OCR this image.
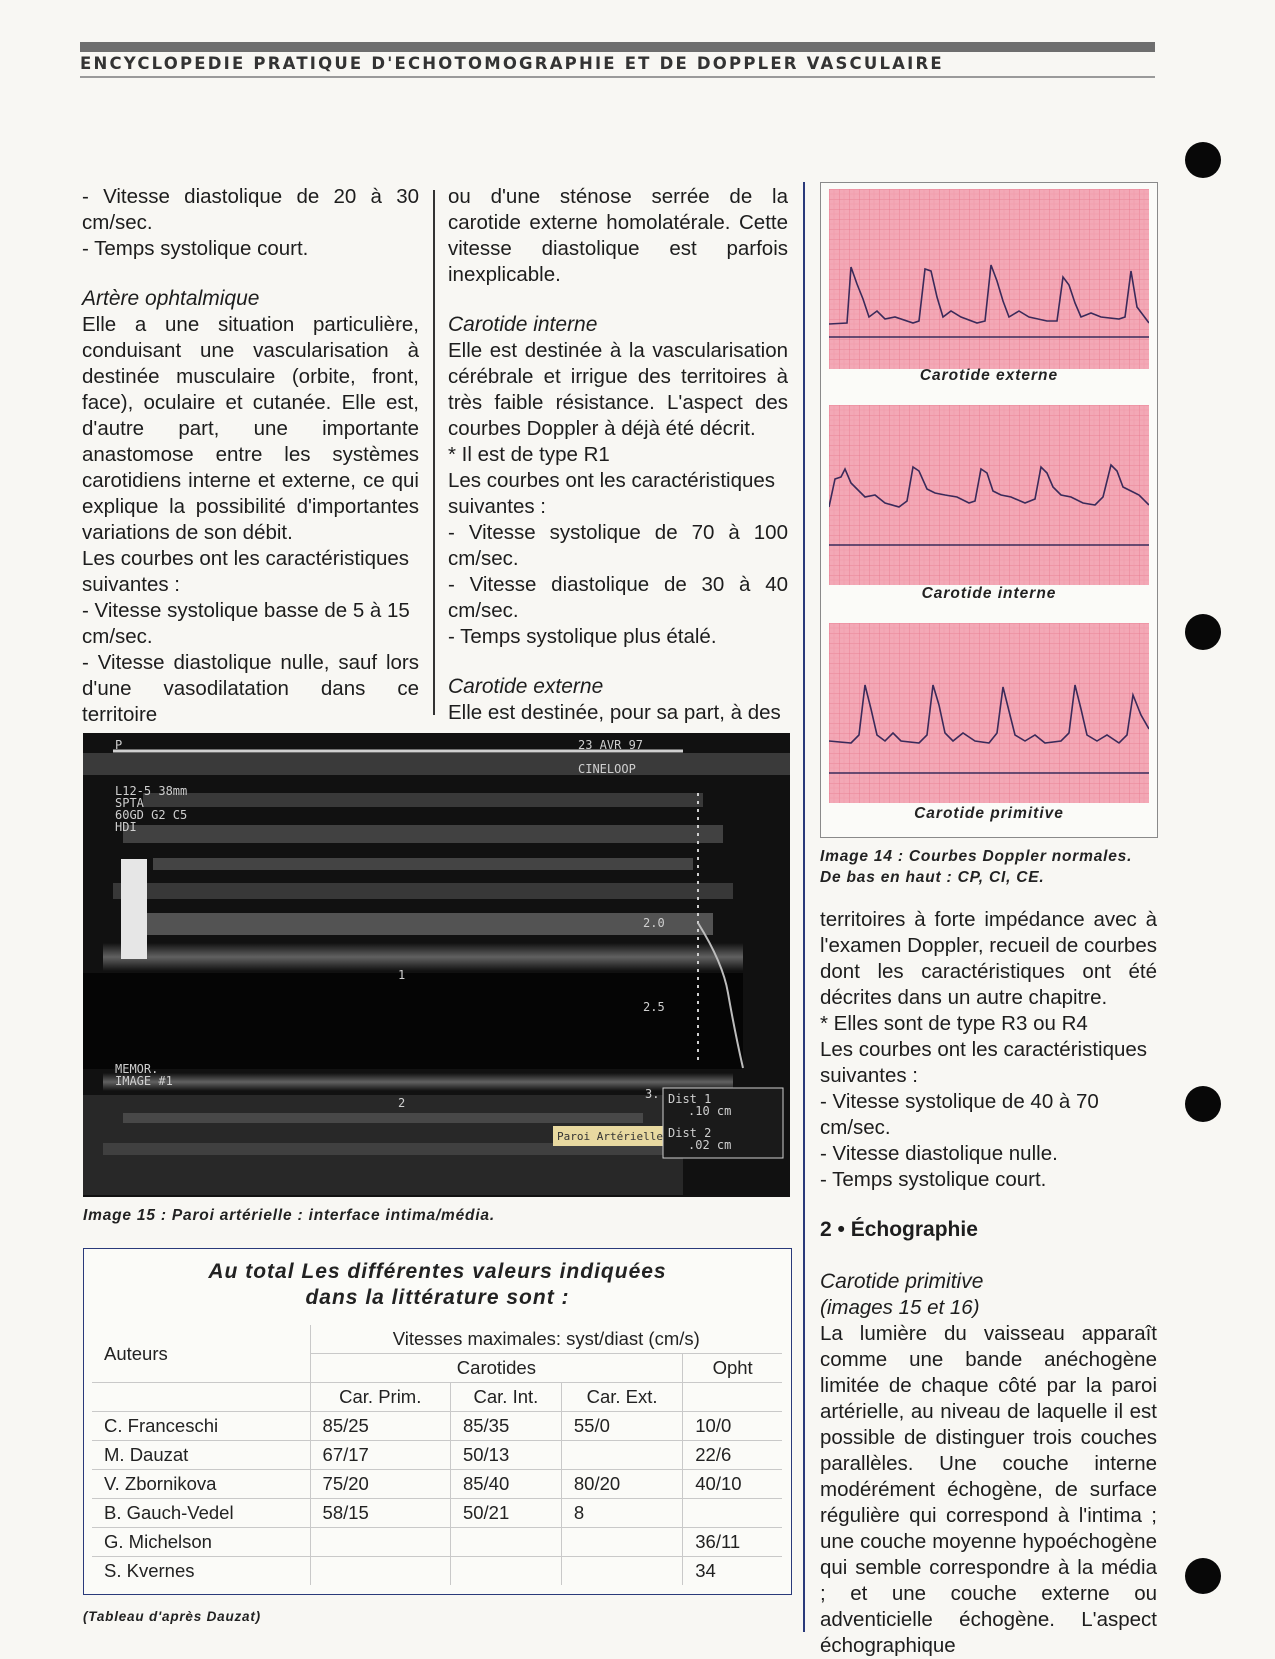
ENCYCLOPEDIE PRATIQUE D'ECHOTOMOGRAPHIE ET DE DOPPLER VASCULAIRE

- Vitesse diastolique de 20 à 30 cm/sec.

- Temps systolique court.

Artère ophtalmique

Elle a une situation particulière, conduisant une vascularisation à destinée musculaire (orbite, front, face), oculaire et cutanée. Elle est, d'autre part, une importante anastomose entre les systèmes carotidiens interne et externe, ce qui explique la possibilité d'importantes variations de son débit.

Les courbes ont les caractéristiques suivantes :

- Vitesse systolique basse de 5 à 15 cm/sec.

- Vitesse diastolique nulle, sauf lors d'une vasodilatation dans ce territoire

ou d'une sténose serrée de la carotide externe homolatérale. Cette vitesse diastolique est parfois inexplicable.

Carotide interne

Elle est destinée à la vascularisation cérébrale et irrigue des territoires à très faible résistance. L'aspect des courbes Doppler à déjà été décrit.

* Il est de type R1

Les courbes ont les caractéristiques suivantes :

- Vitesse systolique de 70 à 100 cm/sec.

- Vitesse diastolique de 30 à 40 cm/sec.

- Temps systolique plus étalé.

Carotide externe

Elle est destinée, pour sa part, à des

Carotide externe
Carotide interne
Carotide primitive
Image 14 : Courbes Doppler normales.
De bas en haut : CP, CI, CE.

territoires à forte impédance avec à l'examen Doppler, recueil de courbes dont les caractéristiques ont été décrites dans un autre chapitre.

* Elles sont de type R3 ou R4

Les courbes ont les caractéristiques suivantes :

- Vitesse systolique de 40 à 70 cm/sec.

- Vitesse diastolique nulle.

- Temps systolique court.

2 • Échographie

Carotide primitive

(images 15 et 16)

La lumière du vaisseau apparaît comme une bande anéchogène limitée de chaque côté par la paroi artérielle, au niveau de laquelle il est possible de distinguer trois couches parallèles. Une couche interne modérément échogène, de surface régulière qui correspond à l'intima ; une couche moyenne hypoéchogène qui semble correspondre à la média ; et une couche externe ou adventicielle échogène. L'aspect échographique

P
L12-5 38mm
SPTA
60GD G2 C5
HDI
23 AVR 97
CINELOOP
2.0
2.5
3.
MEMOR.
IMAGE #1
1
2	Dist 1
.10 cm
Dist 2
.02 cm
Paroi Artérielle
Image 15 : Paroi artérielle : interface intima/média.
Au total Les différentes valeurs indiquées
dans la littérature sont :
Auteurs	Vitesses maximales: syst/diast (cm/s)			
	Carotides			Opht
	Car. Prim.	Car. Int.	Car. Ext.	
C. Franceschi	85/25	85/35	55/0	10/0
M. Dauzat	67/17	50/13		22/6
V. Zbornikova	75/20	85/40	80/20	40/10
B. Gauch-Vedel	58/15	50/21	8	
G. Michelson				36/11
S. Kvernes				34
(Tableau d'après Dauzat)
